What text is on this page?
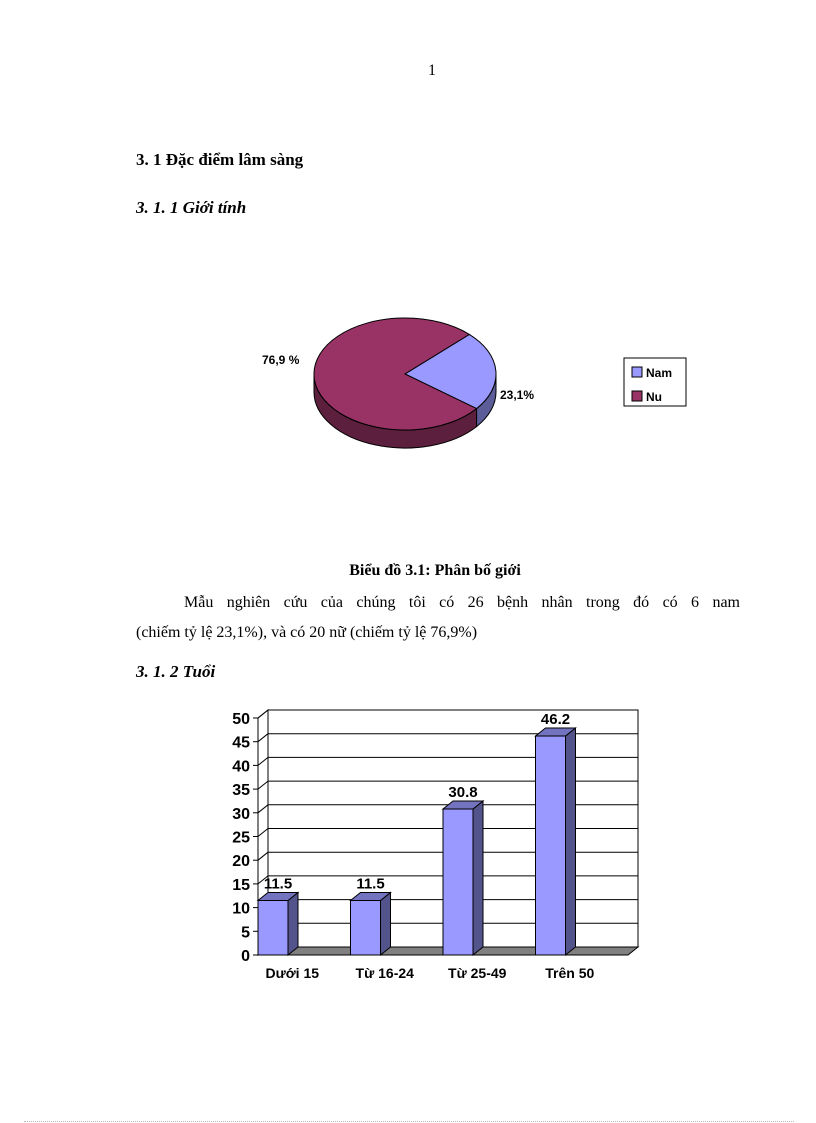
1
3. 1 Đặc điểm lâm sàng
3. 1. 1 Giới tính
23,1%
76,9 %
Nam
Nu
Biểu đồ 3.1: Phân bố giới
Mẫu nghiên cứu của chúng tôi có 26 bệnh nhân trong đó có 6 nam
(chiếm tỷ lệ 23,1%), và có 20 nữ (chiếm tỷ lệ 76,9%)
3. 1. 2 Tuổi
0
5
10
15
20
25
30
35
40
45
50
11.5	11.5
30.8
46.2
Dưới 15	Từ 16-24 Từ 25-49	Trên 50
